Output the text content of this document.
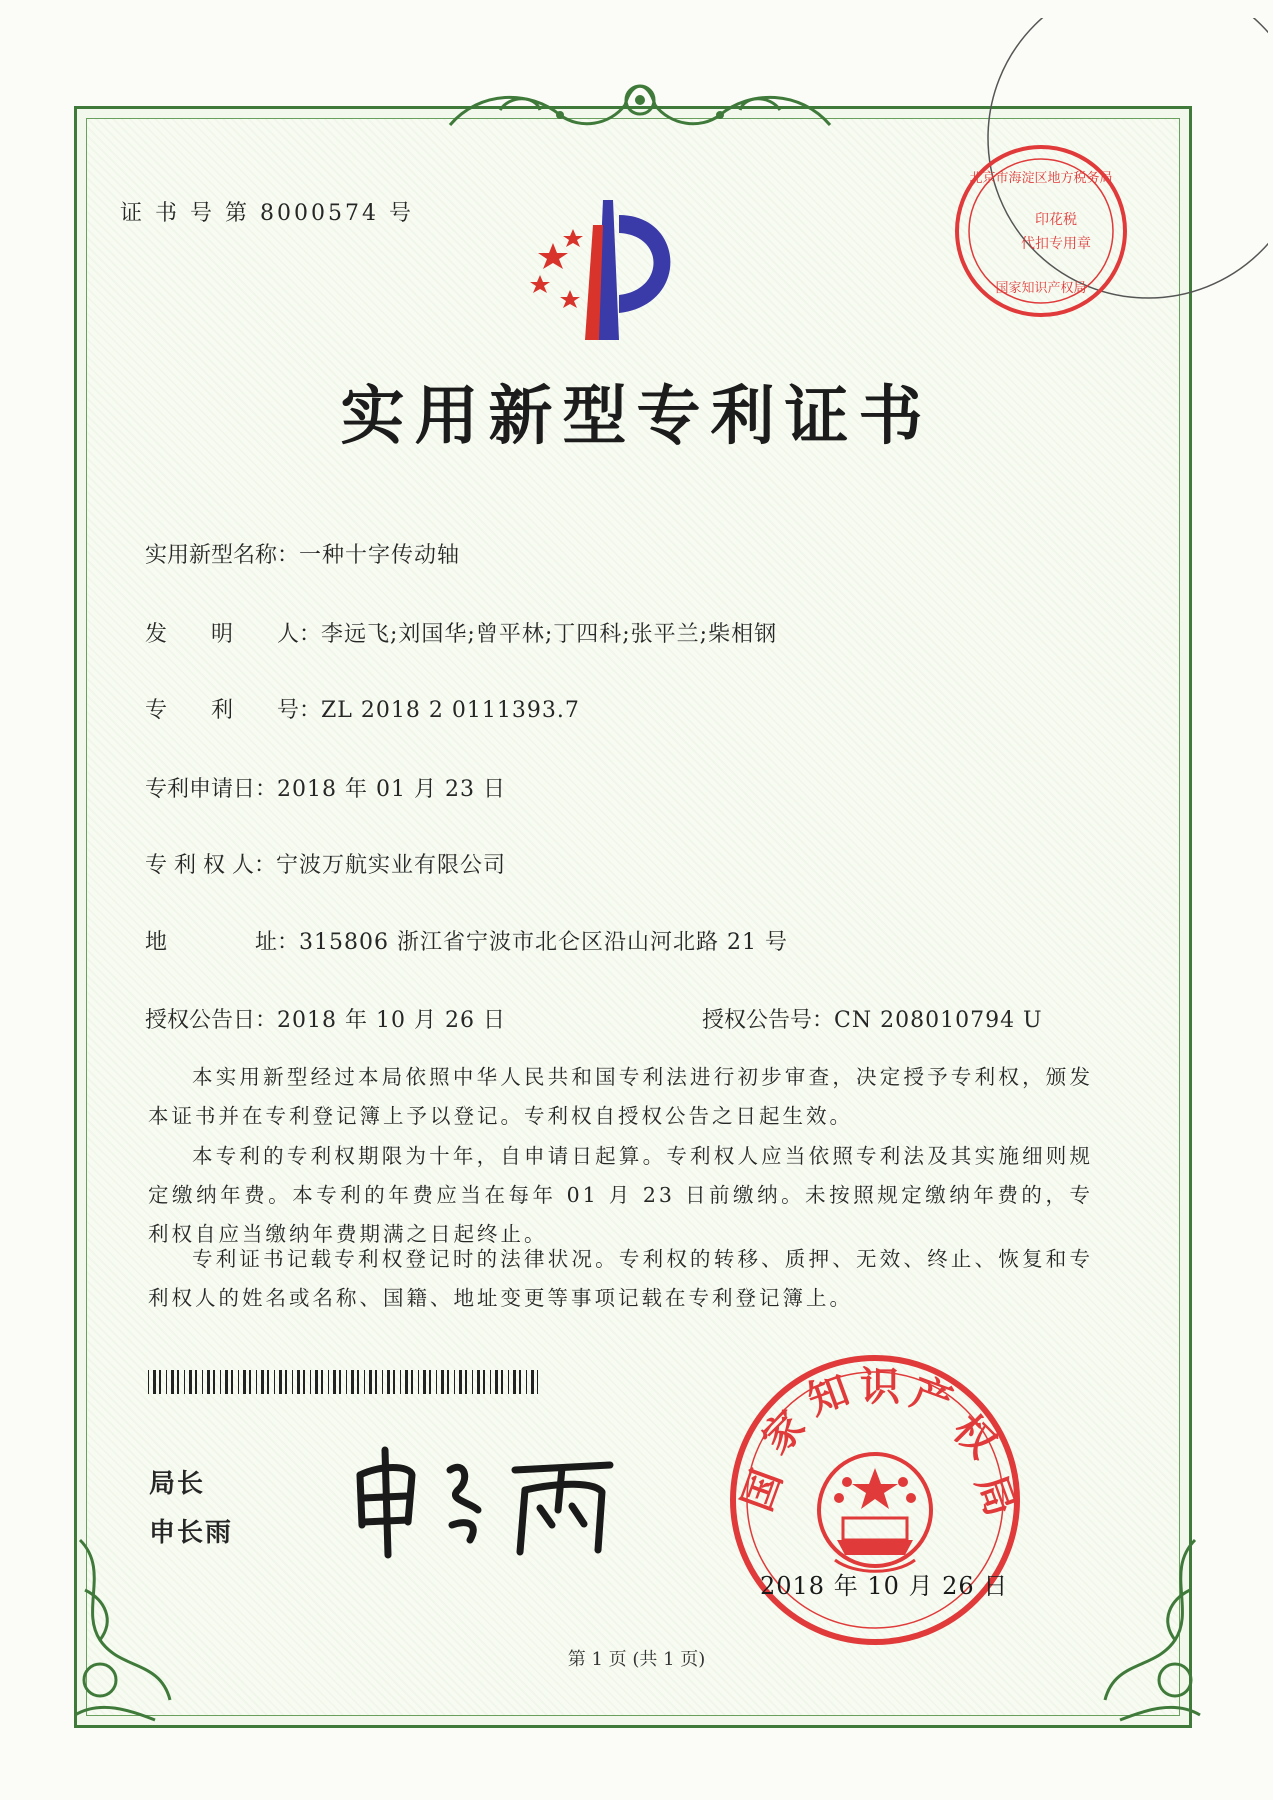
证 书 号 第 8000574 号
北京市海淀区地方税务局
印花税
代扣专用章
国家知识产权局
实用新型专利证书
实用新型名称：一种十字传动轴
发　　明　　人：李远飞;刘国华;曾平林;丁四科;张平兰;柴相钢
专　　利　　号：ZL 2018 2 0111393.7
专利申请日：2018 年 01 月 23 日
专 利 权 人：宁波万航实业有限公司
地　　　　址：315806 浙江省宁波市北仑区沿山河北路 21 号
授权公告日：2018 年 10 月 26 日	授权公告号：CN 208010794 U
本实用新型经过本局依照中华人民共和国专利法进行初步审查，决定授予专利权，颁发本证书并在专利登记簿上予以登记。专利权自授权公告之日起生效。
本专利的专利权期限为十年，自申请日起算。专利权人应当依照专利法及其实施细则规定缴纳年费。本专利的年费应当在每年 01 月 23 日前缴纳。未按照规定缴纳年费的，专利权自应当缴纳年费期满之日起终止。
专利证书记载专利权登记时的法律状况。专利权的转移、质押、无效、终止、恢复和专利权人的姓名或名称、国籍、地址变更等事项记载在专利登记簿上。
局长
申长雨
国
家
知 识 产
权
局
2018 年 10 月 26 日
第 1 页 (共 1 页)
